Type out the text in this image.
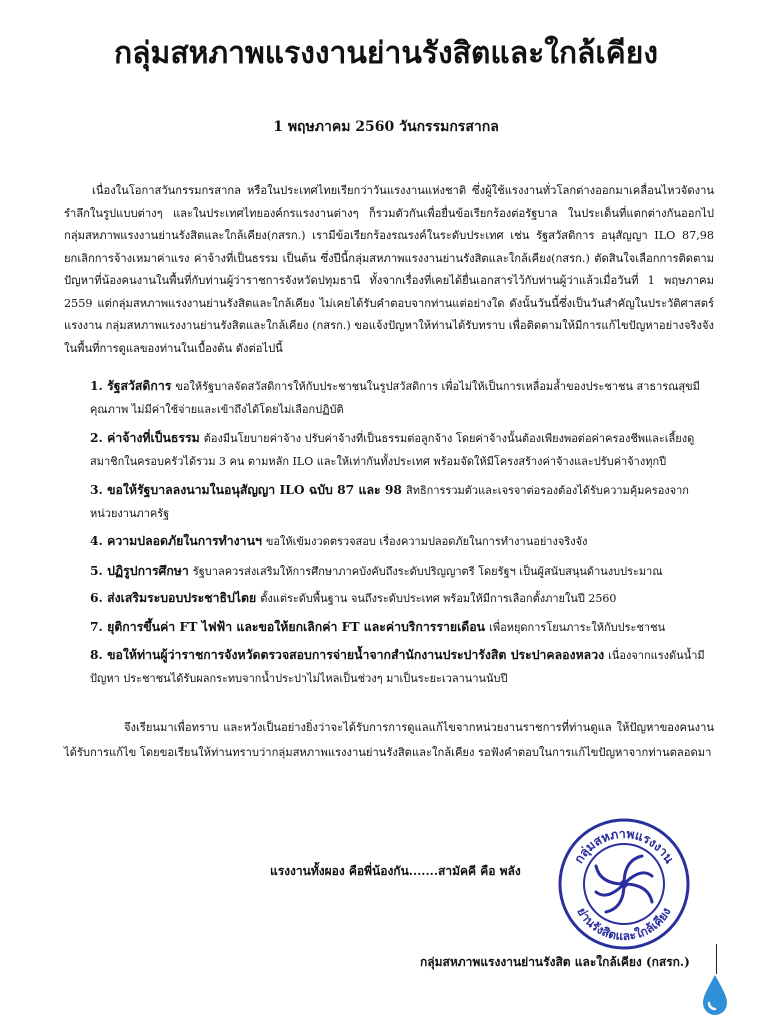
กลุ่มสหภาพแรงงานย่านรังสิตและใกล้เคียง
1 พฤษภาคม 2560 วันกรรมกรสากล
เนื่องในโอกาสวันกรรมกรสากล หรือในประเทศไทยเรียกว่าวันแรงงานแห่งชาติ ซึ่งผู้ใช้แรงงานทั่วโลกต่างออกมาเคลื่อนไหวจัดงานรำลึกในรูปแบบต่างๆ และในประเทศไทยองค์กรแรงงานต่างๆ ก็รวมตัวกันเพื่อยื่นข้อเรียกร้องต่อรัฐบาล ในประเด็นที่แตกต่างกันออกไป กลุ่มสหภาพแรงงานย่านรังสิตและใกล้เคียง(กสรก.) เรามีข้อเรียกร้องรณรงค์ในระดับประเทศ เช่น รัฐสวัสดิการ อนุสัญญา ILO 87,98 ยกเลิกการจ้างเหมาค่าแรง ค่าจ้างที่เป็นธรรม เป็นต้น ซึ่งปีนี้กลุ่มสหภาพแรงงานย่านรังสิตและใกล้เคียง(กสรก.) ตัดสินใจเลือกการติดตามปัญหาที่น้องคนงานในพื้นที่กับท่านผู้ว่าราชการจังหวัดปทุมธานี ทั้งจากเรื่องที่เคยได้ยื่นเอกสารไว้กับท่านผู้ว่าแล้วเมื่อวันที่ 1 พฤษภาคม 2559 แต่กลุ่มสหภาพแรงงานย่านรังสิตและใกล้เคียง ไม่เคยได้รับคำตอบจากท่านแต่อย่างใด ดังนั้นวันนี้ซึ่งเป็นวันสำคัญในประวัติศาสตร์แรงงาน กลุ่มสหภาพแรงงานย่านรังสิตและใกล้เคียง (กสรก.) ขอแจ้งปัญหาให้ท่านได้รับทราบ เพื่อติดตามให้มีการแก้ไขปัญหาอย่างจริงจังในพื้นที่การดูแลของท่านในเบื้องต้น ดังต่อไปนี้
1. รัฐสวัสดิการ ขอให้รัฐบาลจัดสวัสดิการให้กับประชาชนในรูปสวัสดิการ เพื่อไม่ให้เป็นการเหลื่อมล้ำของประชาชน สาธารณสุขมีคุณภาพ ไม่มีค่าใช้จ่ายและเข้าถึงได้โดยไม่เลือกปฏิบัติ
2. ค่าจ้างที่เป็นธรรม ต้องมีนโยบายค่าจ้าง ปรับค่าจ้างที่เป็นธรรมต่อลูกจ้าง โดยค่าจ้างนั้นต้องเพียงพอต่อค่าครองชีพและเลี้ยงดูสมาชิกในครอบครัวได้รวม 3 คน ตามหลัก ILO และให้เท่ากันทั้งประเทศ พร้อมจัดให้มีโครงสร้างค่าจ้างและปรับค่าจ้างทุกปี
3. ขอให้รัฐบาลลงนามในอนุสัญญา ILO ฉบับ 87 และ 98 สิทธิการรวมตัวและเจรจาต่อรองต้องได้รับความคุ้มครองจากหน่วยงานภาครัฐ
4. ความปลอดภัยในการทำงานฯ ขอให้เข้มงวดตรวจสอบ เรื่องความปลอดภัยในการทำงานอย่างจริงจัง
5. ปฏิรูปการศึกษา รัฐบาลควรส่งเสริมให้การศึกษาภาคบังคับถึงระดับปริญญาตรี โดยรัฐฯ เป็นผู้สนับสนุนด้านงบประมาณ
6. ส่งเสริมระบอบประชาธิปไตย ตั้งแต่ระดับพื้นฐาน จนถึงระดับประเทศ พร้อมให้มีการเลือกตั้งภายในปี 2560
7. ยุติการขึ้นค่า FT ไฟฟ้า และขอให้ยกเลิกค่า FT และค่าบริการรายเดือน เพื่อหยุดการโยนภาระให้กับประชาชน
8. ขอให้ท่านผู้ว่าราชการจังหวัดตรวจสอบการจ่ายน้ำจากสำนักงานประปารังสิต ประปาคลองหลวง เนื่องจากแรงดันน้ำมีปัญหา ประชาชนได้รับผลกระทบจากน้ำประปาไม่ไหลเป็นช่วงๆ มาเป็นระยะเวลานานนับปี
จึงเรียนมาเพื่อทราบ และหวังเป็นอย่างยิ่งว่าจะได้รับการการดูแลแก้ไขจากหน่วยงานราชการที่ท่านดูแล ให้ปัญหาของคนงานได้รับการแก้ไข โดยขอเรียนให้ท่านทราบว่ากลุ่มสหภาพแรงงานย่านรังสิตและใกล้เคียง รอฟังคำตอบในการแก้ไขปัญหาจากท่านตลอดมา
แรงงานทั้งผอง คือพี่น้องกัน.......สามัคคี คือ พลัง
กลุ่มสหภาพแรงงาน
ย่านรังสิตและใกล้เคียง
กลุ่มสหภาพแรงงานย่านรังสิต และใกล้เคียง (กสรก.)
